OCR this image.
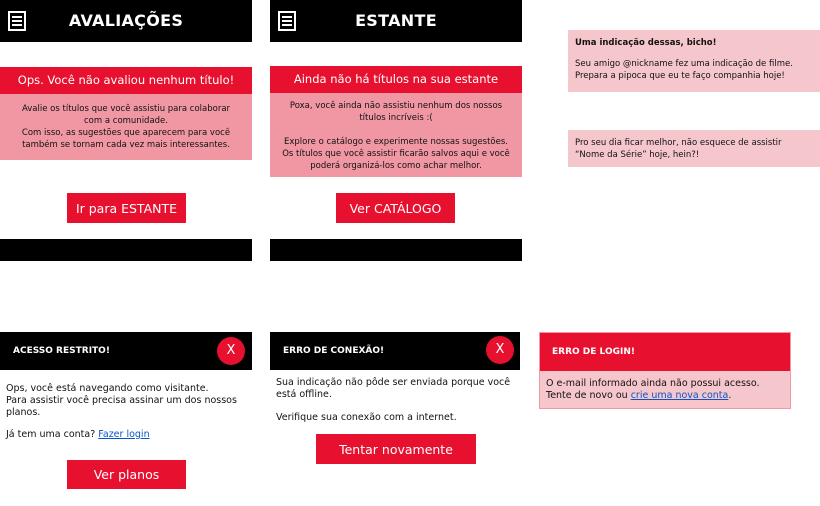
AVALIAÇÕES
Ops. Você não avaliou nenhum título!
Avalie os títulos que você assistiu para colaborar
com a comunidade.
Com isso, as sugestões que aparecem para você
também se tornam cada vez mais interessantes.
Ir para ESTANTE
ESTANTE
Ainda não há títulos na sua estante
Poxa, você ainda não assistiu nenhum dos nossos
títulos incríveis :(
Explore o catálogo e experimente nossas sugestões.
Os títulos que você assistir ficarão salvos aqui e você
poderá organizá-los como achar melhor.
Ver CATÁLOGO
Uma indicação dessas, bicho!
Seu amigo @nickname fez uma indicação de filme.
Prepara a pipoca que eu te faço companhia hoje!
Pro seu dia ficar melhor, não esquece de assistir
“Nome da Série” hoje, hein?!
ACESSO RESTRITO!	X
Ops, você está navegando como visitante.
Para assistir você precisa assinar um dos nossos
planos.
Já tem uma conta? Fazer login
Ver planos
ERRO DE CONEXÃO!	X
Sua indicação não pôde ser enviada porque você
está offline.
Verifique sua conexão com a internet.
Tentar novamente
ERRO DE LOGIN!
O e-mail informado ainda não possui acesso.
Tente de novo ou crie uma nova conta.
